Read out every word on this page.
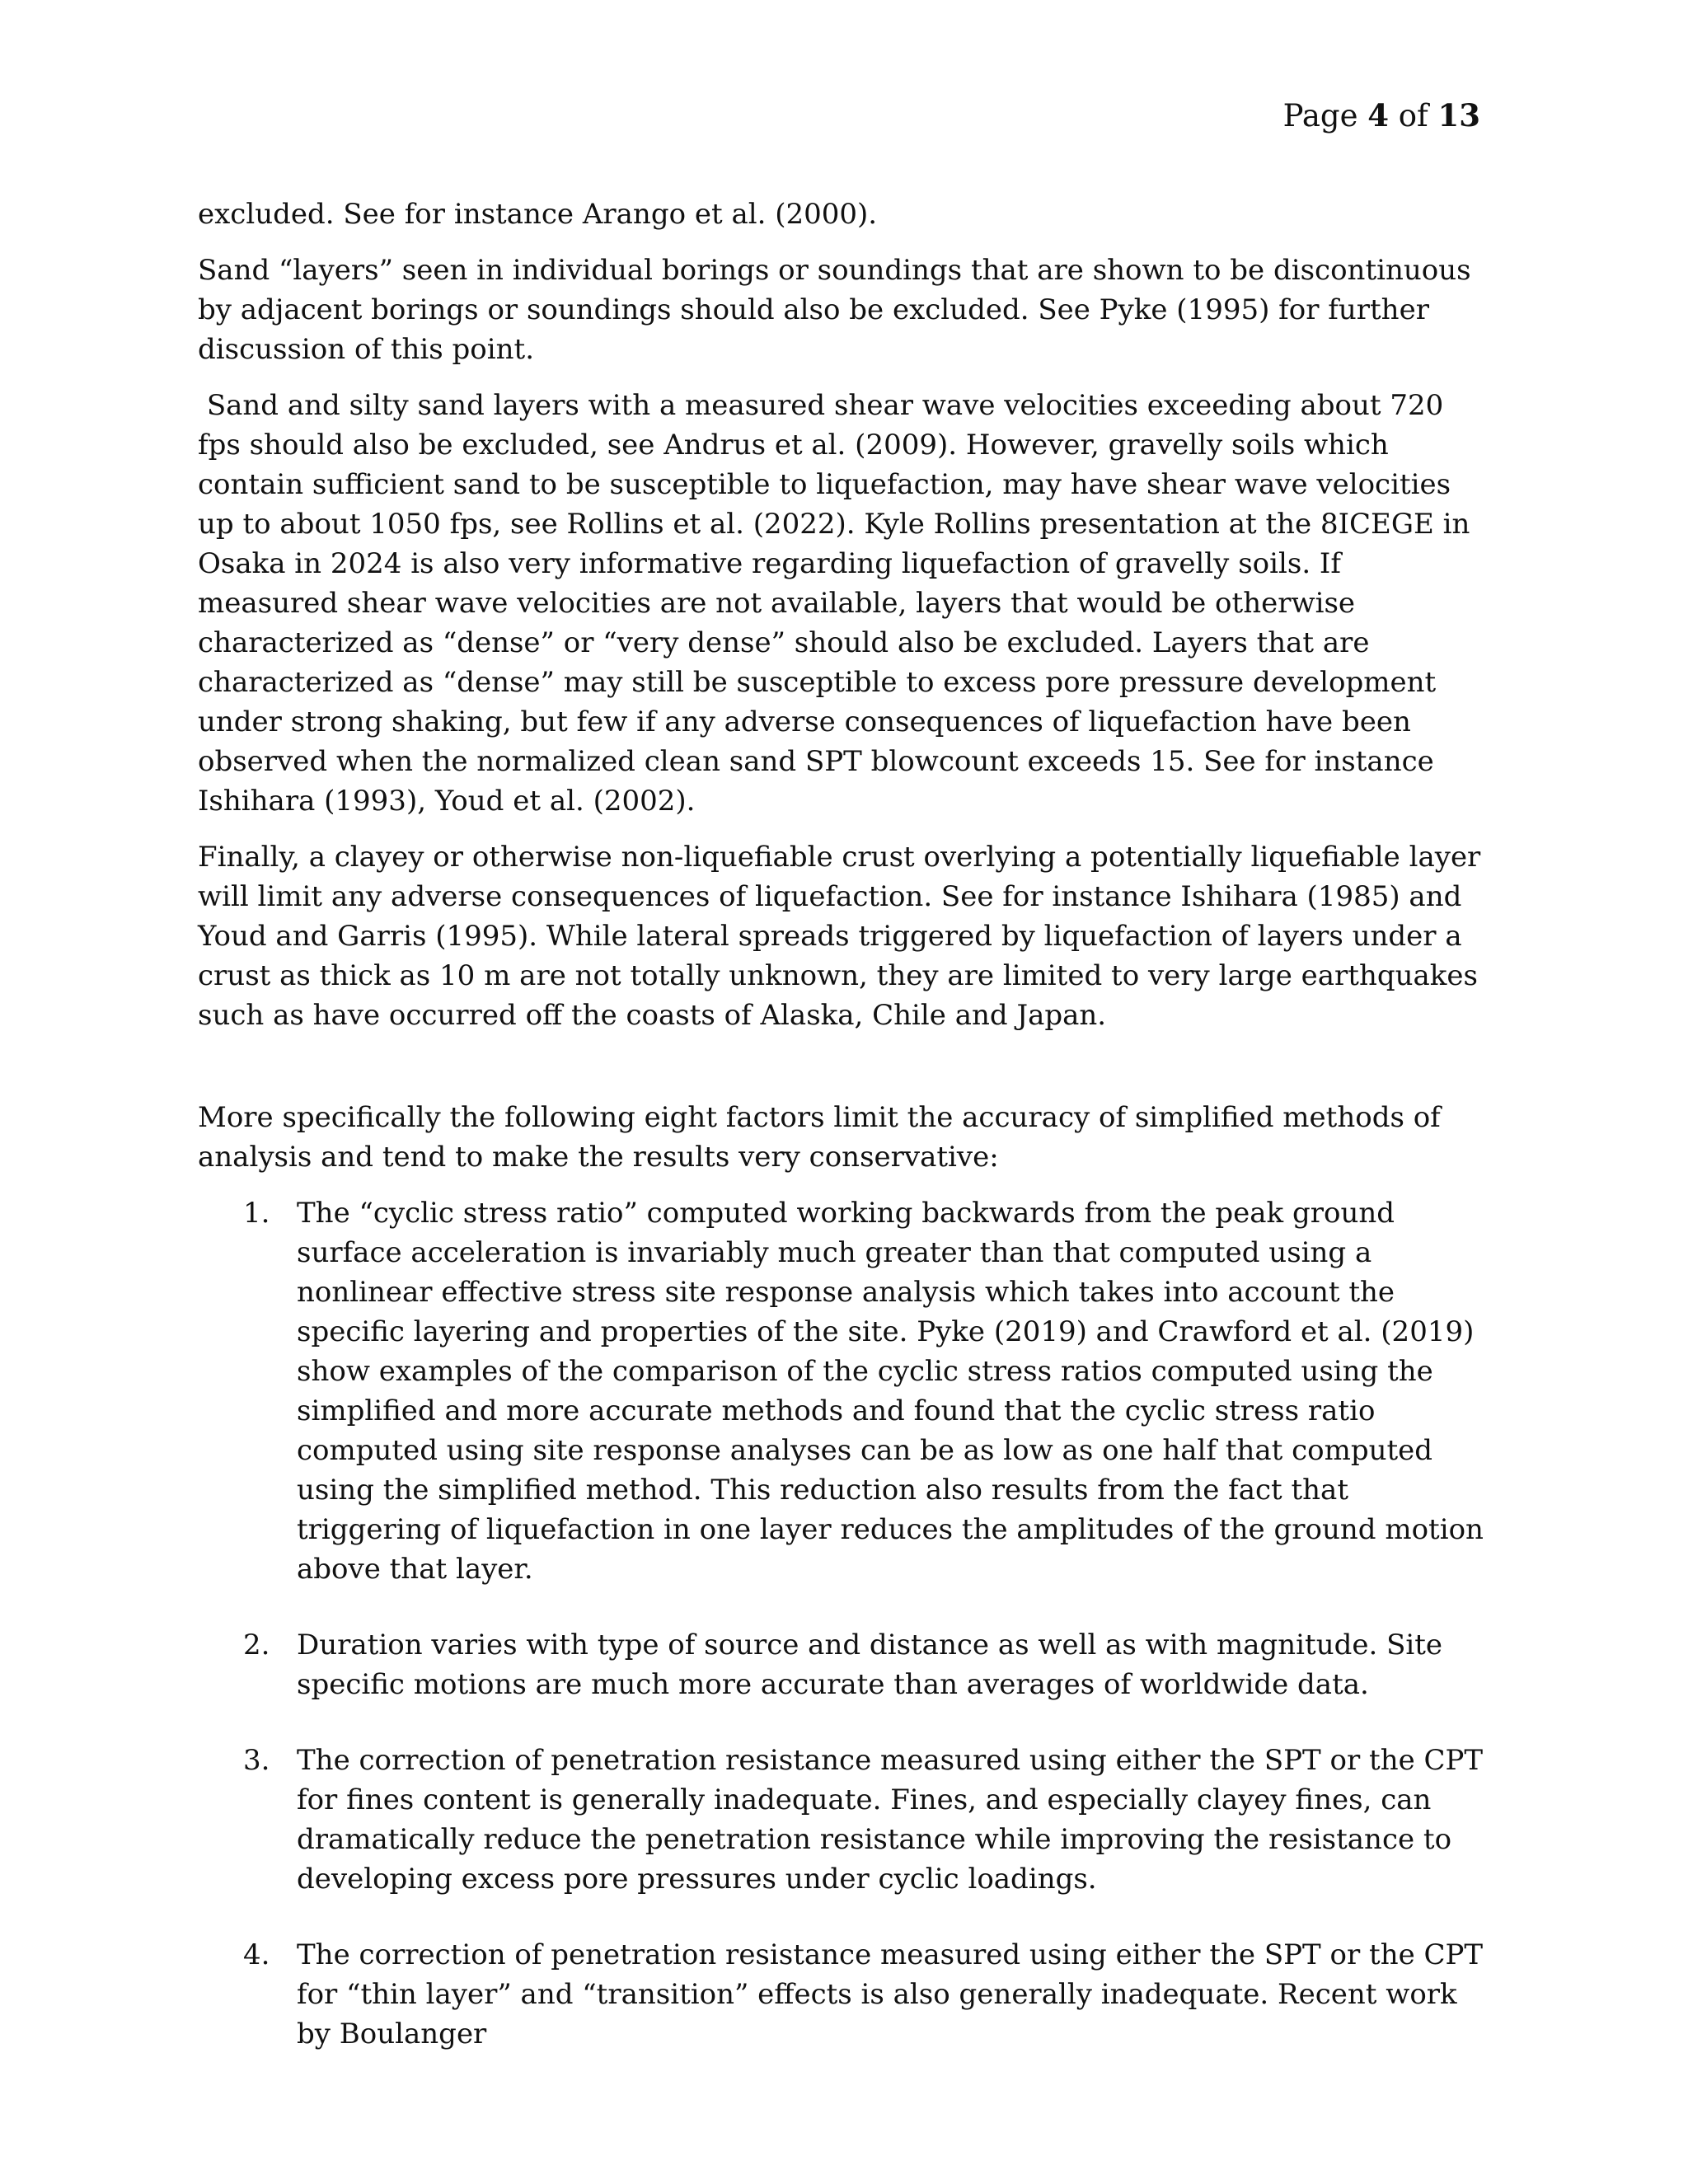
Page 4 of 13

excluded. See for instance Arango et al. (2000).

Sand “layers” seen in individual borings or soundings that are shown to be discontinuous by adjacent borings or soundings should also be excluded. See Pyke (1995) for further discussion of this point.

Sand and silty sand layers with a measured shear wave velocities exceeding about 720 fps should also be excluded, see Andrus et al. (2009). However, gravelly soils which contain sufficient sand to be susceptible to liquefaction, may have shear wave velocities up to about 1050 fps, see Rollins et al. (2022). Kyle Rollins presentation at the 8ICEGE in Osaka in 2024 is also very informative regarding liquefaction of gravelly soils. If measured shear wave velocities are not available, layers that would be otherwise characterized as “dense” or “very dense” should also be excluded. Layers that are characterized as “dense” may still be susceptible to excess pore pressure development under strong shaking, but few if any adverse consequences of liquefaction have been observed when the normalized clean sand SPT blowcount exceeds 15. See for instance Ishihara (1993), Youd et al. (2002).

Finally, a clayey or otherwise non-liquefiable crust overlying a potentially liquefiable layer will limit any adverse consequences of liquefaction. See for instance Ishihara (1985) and Youd and Garris (1995). While lateral spreads triggered by liquefaction of layers under a crust as thick as 10 m are not totally unknown, they are limited to very large earthquakes such as have occurred off the coasts of Alaska, Chile and Japan.

More specifically the following eight factors limit the accuracy of simplified methods of analysis and tend to make the results very conservative:

1. The “cyclic stress ratio” computed working backwards from the peak ground surface acceleration is invariably much greater than that computed using a nonlinear effective stress site response analysis which takes into account the specific layering and properties of the site. Pyke (2019) and Crawford et al. (2019) show examples of the comparison of the cyclic stress ratios computed using the simplified and more accurate methods and found that the cyclic stress ratio computed using site response analyses can be as low as one half that computed using the simplified method. This reduction also results from the fact that triggering of liquefaction in one layer reduces the amplitudes of the ground motion above that layer.
2. Duration varies with type of source and distance as well as with magnitude. Site specific motions are much more accurate than averages of worldwide data.
3. The correction of penetration resistance measured using either the SPT or the CPT for fines content is generally inadequate. Fines, and especially clayey fines, can dramatically reduce the penetration resistance while improving the resistance to developing excess pore pressures under cyclic loadings.
4. The correction of penetration resistance measured using either the SPT or the CPT for “thin layer” and “transition” effects is also generally inadequate. Recent work by Boulanger
